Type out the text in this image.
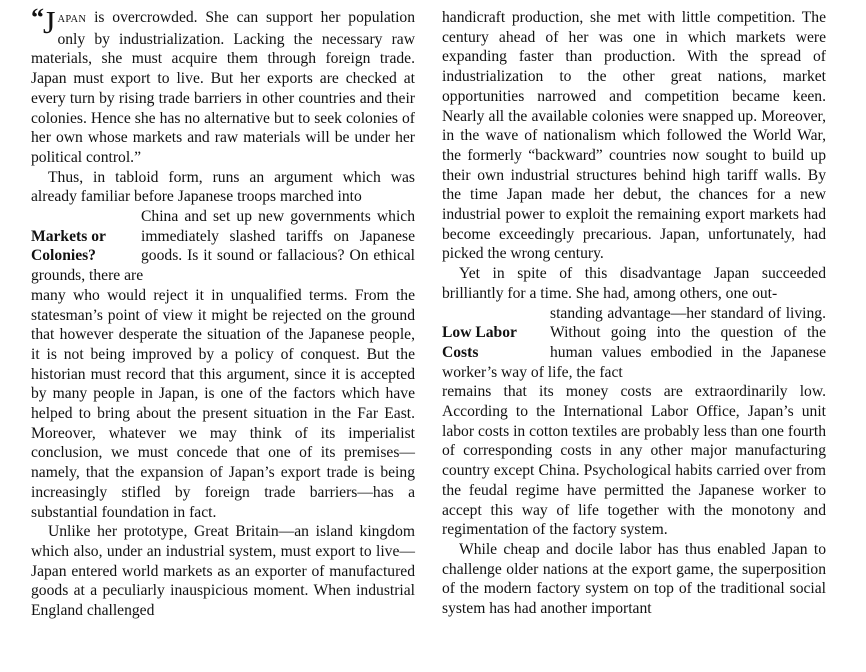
“ J APAN is overcrowded. She can support her population only by industrialization. Lacking the necessary raw materials, she must acquire them through foreign trade. Japan must export to live. But her exports are checked at every turn by rising trade barriers in other countries and their colonies. Hence she has no alternative but to seek colonies of her own whose markets and raw materials will be under her political control.”

Thus, in tabloid form, runs an argument which was already familiar before Japanese troops marched into

Markets or
Colonies?

China and set up new governments which immediately slashed tariffs on Japanese goods. Is it sound or fallacious? On ethical grounds, there are

many who would reject it in unqualified terms. From the statesman’s point of view it might be rejected on the ground that however desperate the situation of the Japanese people, it is not being improved by a policy of conquest. But the historian must record that this argument, since it is accepted by many people in Japan, is one of the factors which have helped to bring about the present situation in the Far East. Moreover, whatever we may think of its imperialist conclusion, we must concede that one of its premises—namely, that the expansion of Japan’s export trade is being increasingly stifled by foreign trade barriers—has a substantial foundation in fact.

Unlike her prototype, Great Britain—an island kingdom which also, under an industrial system, must export to live—Japan entered world markets as an exporter of manufactured goods at a peculiarly inauspicious moment. When industrial England challenged

handicraft production, she met with little competition. The century ahead of her was one in which markets were expanding faster than production. With the spread of industrialization to the other great nations, market opportunities narrowed and competition became keen. Nearly all the available colonies were snapped up. Moreover, in the wave of nationalism which followed the World War, the formerly “backward” countries now sought to build up their own industrial structures behind high tariff walls. By the time Japan made her debut, the chances for a new industrial power to exploit the remaining export markets had become exceedingly precarious. Japan, unfortunately, had picked the wrong century.

Yet in spite of this disadvantage Japan succeeded brilliantly for a time. She had, among others, one out-

Low Labor
Costs

standing advantage—her standard of living. Without going into the question of the human values embodied in the Japanese worker’s way of life, the fact

remains that its money costs are extraordinarily low. According to the International Labor Office, Japan’s unit labor costs in cotton textiles are probably less than one fourth of corresponding costs in any other major manufacturing country except China. Psychological habits carried over from the feudal regime have permitted the Japanese worker to accept this way of life together with the monotony and regimentation of the factory system.

While cheap and docile labor has thus enabled Japan to challenge older nations at the export game, the superposition of the modern factory system on top of the traditional social system has had another important
